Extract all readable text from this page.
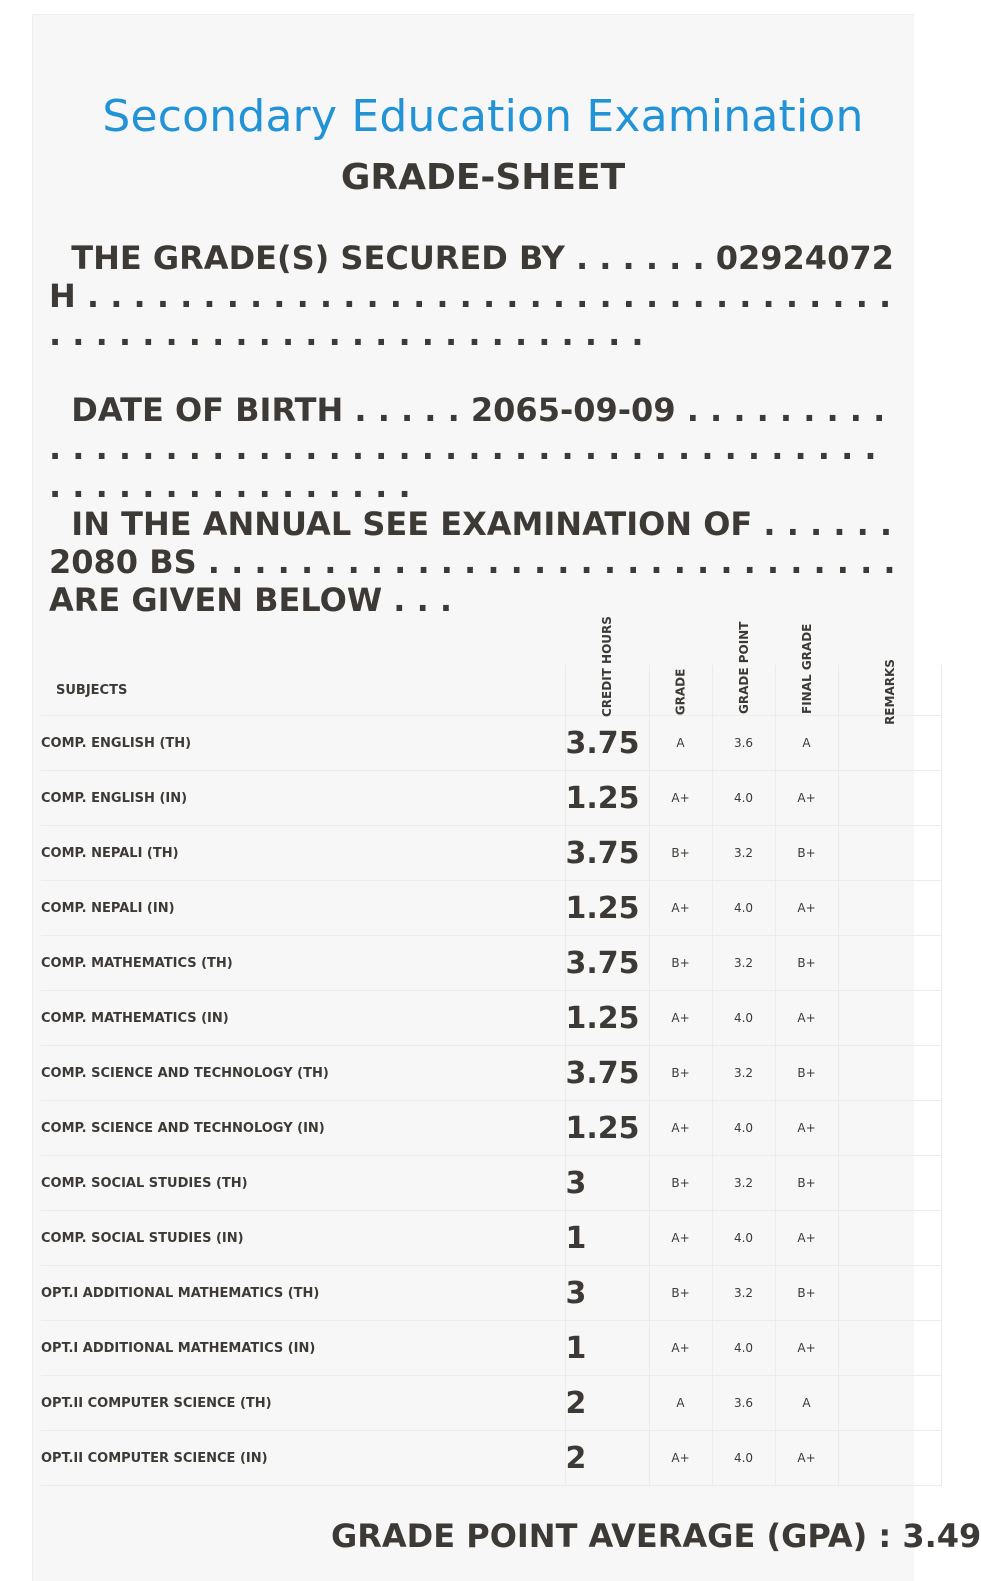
Secondary Education Examination
GRADE-SHEET
THE GRADE(S) SECURED BY . . . . . . 02924072H . . . . . . . . . . . . . . . . . . . . . . . . . . . . . . . . . . . . . . . . . . . . . . . . . . . . . . . . . . . . .
DATE OF BIRTH . . . . . 2065-09-09 . . . . . . . . . . . . . . . . . . . . . . . . . . . . . . . . . . . . . . . . . . . . . . . . . . . . . . . . . . . . .
IN THE ANNUAL SEE EXAMINATION OF . . . . . . 2080 BS . . . . . . . . . . . . . . . . . . . . . . . . . . . . . . ARE GIVEN BELOW . . .
SUBJECTS	CREDIT HOURS	GRADE	GRADE POINT	FINAL GRADE	REMARKS
COMP. ENGLISH (TH)	3.75	A	3.6	A	
COMP. ENGLISH (IN)	1.25	A+	4.0	A+	
COMP. NEPALI (TH)	3.75	B+	3.2	B+	
COMP. NEPALI (IN)	1.25	A+	4.0	A+	
COMP. MATHEMATICS (TH)	3.75	B+	3.2	B+	
COMP. MATHEMATICS (IN)	1.25	A+	4.0	A+	
COMP. SCIENCE AND TECHNOLOGY (TH)	3.75	B+	3.2	B+	
COMP. SCIENCE AND TECHNOLOGY (IN)	1.25	A+	4.0	A+	
COMP. SOCIAL STUDIES (TH)	3	B+	3.2	B+	
COMP. SOCIAL STUDIES (IN)	1	A+	4.0	A+	
OPT.I ADDITIONAL MATHEMATICS (TH)	3	B+	3.2	B+	
OPT.I ADDITIONAL MATHEMATICS (IN)	1	A+	4.0	A+	
OPT.II COMPUTER SCIENCE (TH)	2	A	3.6	A	
OPT.II COMPUTER SCIENCE (IN)	2	A+	4.0	A+	
GRADE POINT AVERAGE (GPA) : 3.49
